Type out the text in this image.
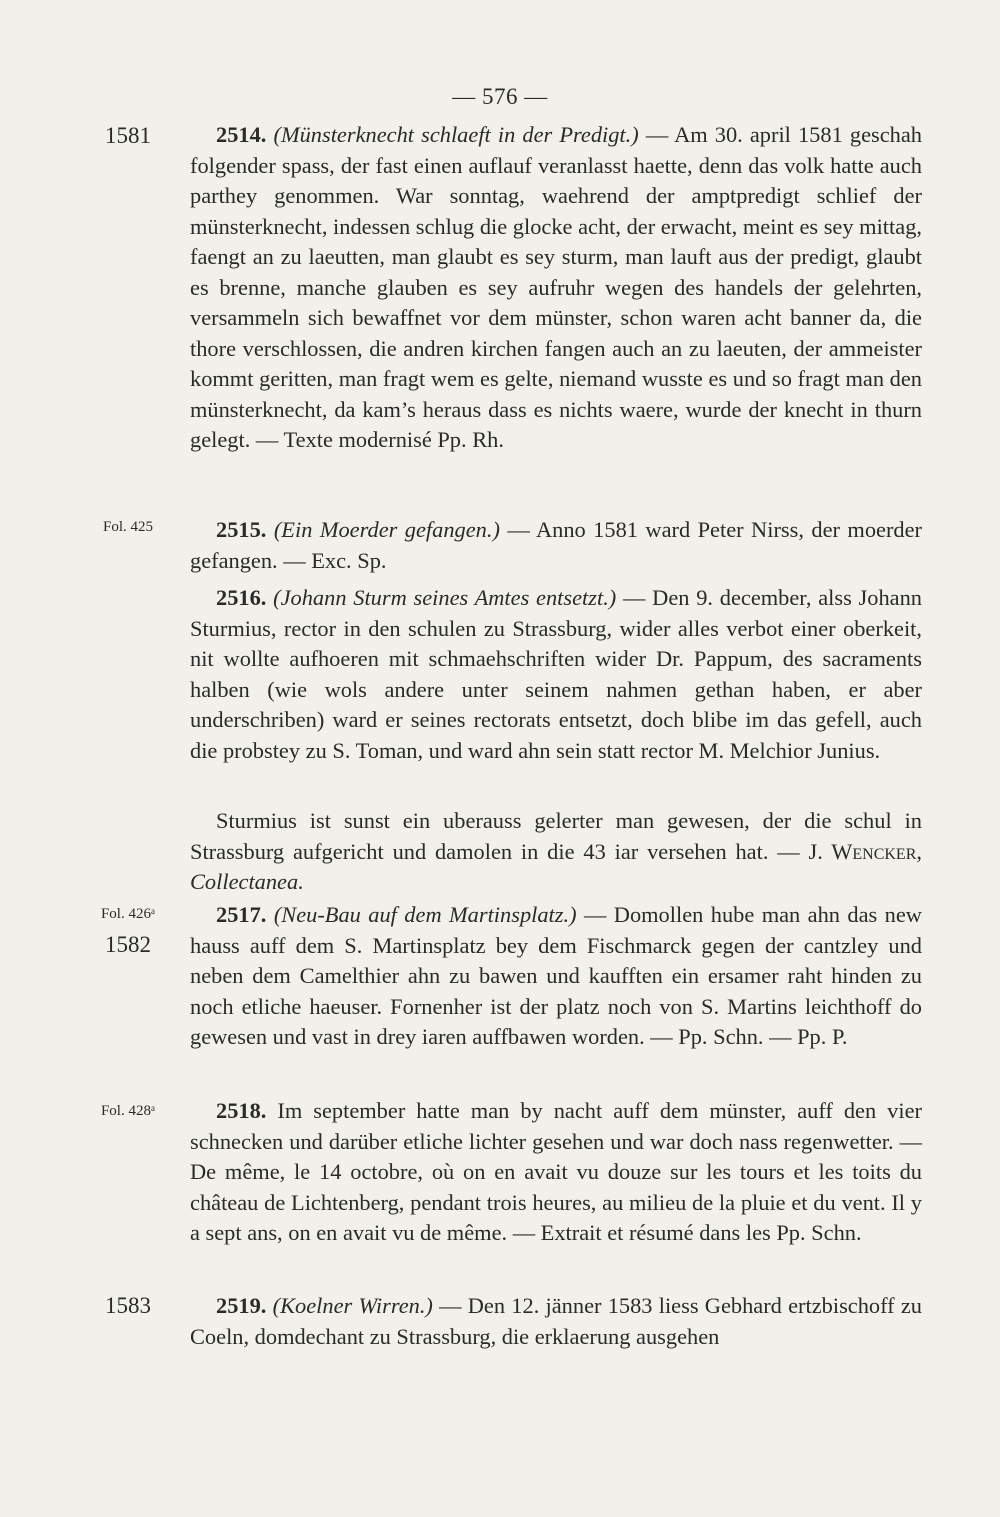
— 576 —
1581
Fol. 425
Fol. 426ᵃ
1582
Fol. 428ᵃ
1583

2514. (Münsterknecht schlaeft in der Predigt.) — Am 30. april 1581 geschah folgender spass, der fast einen auflauf veranlasst haette, denn das volk hatte auch parthey genommen. War sonntag, waehrend der amptpredigt schlief der münsterknecht, indessen schlug die glocke acht, der erwacht, meint es sey mittag, faengt an zu laeutten, man glaubt es sey sturm, man lauft aus der predigt, glaubt es brenne, manche glauben es sey aufruhr wegen des handels der gelehrten, versammeln sich bewaffnet vor dem münster, schon waren acht banner da, die thore verschlossen, die andren kirchen fangen auch an zu laeuten, der ammeister kommt geritten, man fragt wem es gelte, niemand wusste es und so fragt man den münsterknecht, da kam’s heraus dass es nichts waere, wurde der knecht in thurn gelegt. — Texte modernisé Pp. Rh.

2515. (Ein Moerder gefangen.) — Anno 1581 ward Peter Nirss, der moerder gefangen. — Exc. Sp.

2516. (Johann Sturm seines Amtes entsetzt.) — Den 9. december, alss Johann Sturmius, rector in den schulen zu Strassburg, wider alles verbot einer oberkeit, nit wollte aufhoeren mit schmaehschriften wider Dr. Pappum, des sacraments halben (wie wols andere unter seinem nahmen gethan haben, er aber underschriben) ward er seines rectorats entsetzt, doch blibe im das gefell, auch die probstey zu S. Toman, und ward ahn sein statt rector M. Melchior Junius.

Sturmius ist sunst ein uberauss gelerter man gewesen, der die schul in Strassburg aufgericht und damolen in die 43 iar versehen hat. — J. Wencker, Collectanea.

2517. (Neu-Bau auf dem Martinsplatz.) — Domollen hube man ahn das new hauss auff dem S. Martinsplatz bey dem Fischmarck gegen der cantzley und neben dem Camelthier ahn zu bawen und kaufften ein ersamer raht hinden zu noch etliche haeuser. Fornenher ist der platz noch von S. Martins leichthoff do gewesen und vast in drey iaren auffbawen worden. — Pp. Schn. — Pp. P.

2518. Im september hatte man by nacht auff dem münster, auff den vier schnecken und darüber etliche lichter gesehen und war doch nass regenwetter. — De même, le 14 octobre, où on en avait vu douze sur les tours et les toits du château de Lichtenberg, pendant trois heures, au milieu de la pluie et du vent. Il y a sept ans, on en avait vu de même. — Extrait et résumé dans les Pp. Schn.

2519. (Koelner Wirren.) — Den 12. jänner 1583 liess Gebhard ertzbischoff zu Coeln, domdechant zu Strassburg, die erklaerung ausgehen
